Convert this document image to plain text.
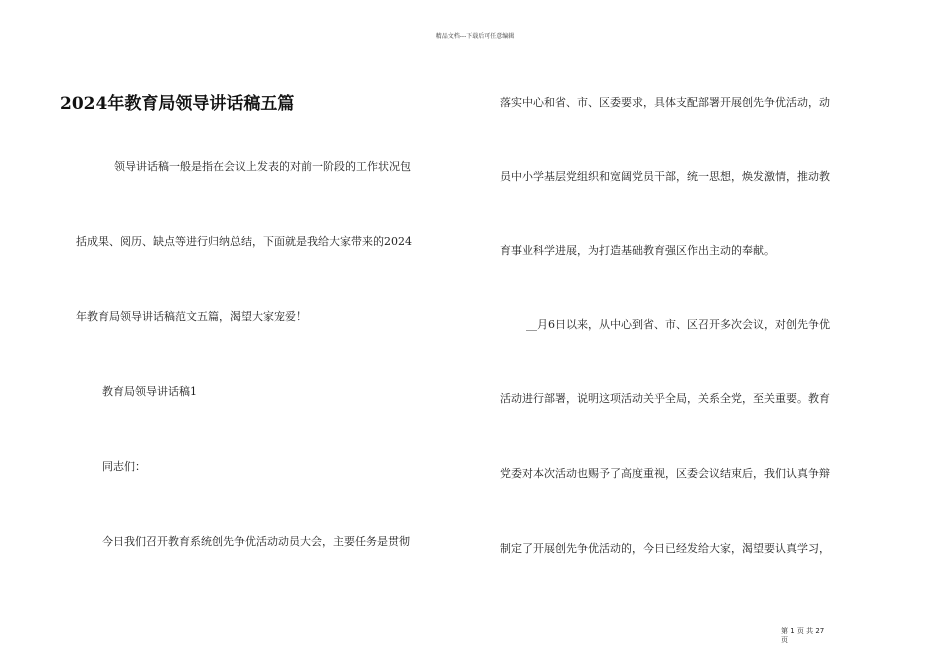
精品文档---下载后可任意编辑
2024年教育局领导讲话稿五篇
领导讲话稿一般是指在会议上发表的对前一阶段的工作状况包
括成果、阅历、缺点等进行归纳总结，下面就是我给大家带来的2024
年教育局领导讲话稿范文五篇，渴望大家宠爱！
教育局领导讲话稿1
同志们：
今日我们召开教育系统创先争优活动动员大会，主要任务是贯彻
落实中心和省、市、区委要求，具体支配部署开展创先争优活动，动
员中小学基层党组织和宽阔党员干部，统一思想，焕发激情，推动教
育事业科学进展，为打造基础教育强区作出主动的奉献。
__月6日以来，从中心到省、市、区召开多次会议，对创先争优
活动进行部署，说明这项活动关乎全局，关系全党，至关重要。教育
党委对本次活动也赐予了高度重视，区委会议结束后，我们认真争辩
制定了开展创先争优活动的，今日已经发给大家，渴望要认真学习，
第 1 页 共 27
页
